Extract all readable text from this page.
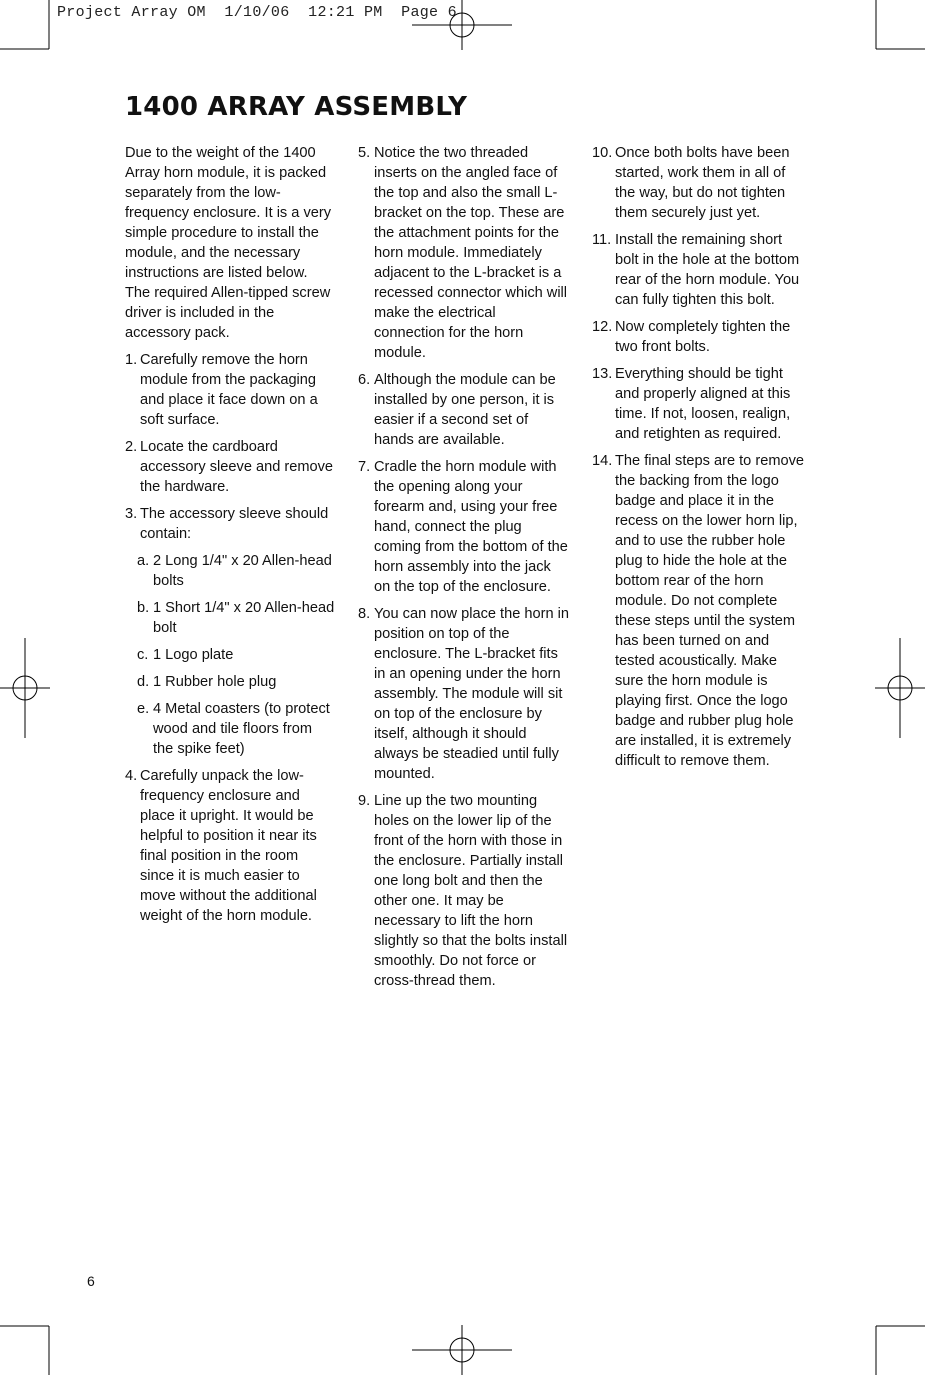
Project Array OM  1/10/06  12:21 PM  Page 6
1400 ARRAY ASSEMBLY

Due to the weight of the 1400 Array horn module, it is packed separately from the low-frequency enclosure. It is a very simple procedure to install the module, and the necessary instructions are listed below. The required Allen-tipped screw driver is included in the accessory pack.

1. Carefully remove the horn module from the packaging and place it face down on a soft surface.
2. Locate the cardboard accessory sleeve and remove the hardware.
3. The accessory sleeve should contain:
a. 2 Long 1/4" x 20 Allen-head bolts
b. 1 Short 1/4" x 20 Allen-head bolt
c. 1 Logo plate
d. 1 Rubber hole plug
e. 4 Metal coasters (to protect wood and tile floors from the spike feet)
4. Carefully unpack the low-frequency enclosure and place it upright. It would be helpful to position it near its final position in the room since it is much easier to move without the additional weight of the horn module.
5. Notice the two threaded inserts on the angled face of the top and also the small L-bracket on the top. These are the attachment points for the horn module. Immediately adjacent to the L-bracket is a recessed connector which will make the electrical connection for the horn module.
6. Although the module can be installed by one person, it is easier if a second set of hands are available.
7. Cradle the horn module with the opening along your forearm and, using your free hand, connect the plug coming from the bottom of the horn assembly into the jack on the top of the enclosure.
8. You can now place the horn in position on top of the enclosure. The L-bracket fits in an opening under the horn assembly. The module will sit on top of the enclosure by itself, although it should always be steadied until fully mounted.
9. Line up the two mounting holes on the lower lip of the front of the horn with those in the enclosure. Partially install one long bolt and then the other one. It may be necessary to lift the horn slightly so that the bolts install smoothly. Do not force or cross-thread them.
10. Once both bolts have been started, work them in all of the way, but do not tighten them securely just yet.
11. Install the remaining short bolt in the hole at the bottom rear of the horn module. You can fully tighten this bolt.
12. Now completely tighten the two front bolts.
13. Everything should be tight and properly aligned at this time. If not, loosen, realign, and retighten as required.
14. The final steps are to remove the backing from the logo badge and place it in the recess on the lower horn lip, and to use the rubber hole plug to hide the hole at the bottom rear of the horn module. Do not complete these steps until the system has been turned on and tested acoustically. Make sure the horn module is playing first. Once the logo badge and rubber plug hole are installed, it is extremely difficult to remove them.
6
